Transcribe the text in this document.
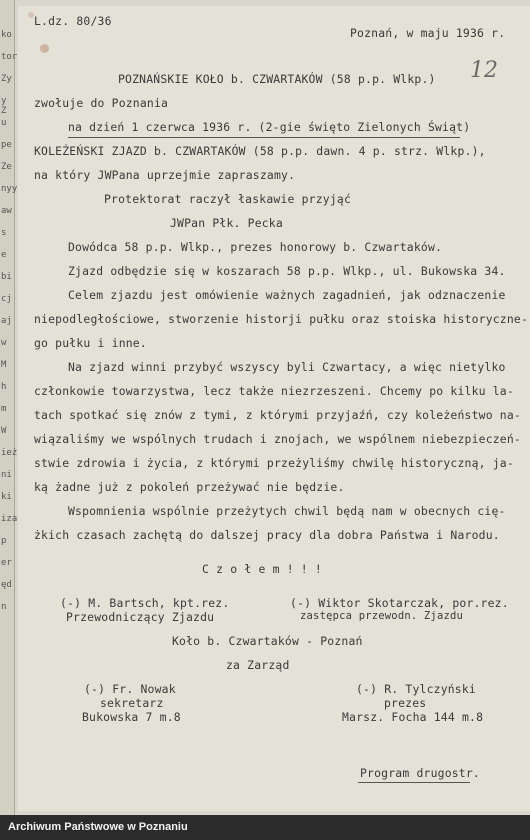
ko
tor
Zy
y Z
u
pe
Ze
nyy
aw
s
e
bi
cj
aj
w
M
h
m
W
ież
ni
ki
iza
p
er
ęd
n
L.dz. 80/36
Poznań, w maju 1936 r.
12
POZNAŃSKIE KOŁO b. CZWARTAKÓW (58 p.p. Wlkp.)
zwołuje do Poznania
na dzień 1 czerwca 1936 r. (2-gie święto Zielonych Świąt)
KOLEŻEŃSKI ZJAZD b. CZWARTAKÓW (58 p.p. dawn. 4 p. strz. Wlkp.),
na który JWPana uprzejmie zapraszamy.
Protektorat raczył łaskawie przyjąć
JWPan Płk. Pecka
Dowódca 58 p.p. Wlkp., prezes honorowy b. Czwartaków.
Zjazd odbędzie się w koszarach 58 p.p. Wlkp., ul. Bukowska 34.
Celem zjazdu jest omówienie ważnych zagadnień, jak odznaczenie
niepodległościowe, stworzenie historji pułku oraz stoiska historyczne-
go pułku i inne.
Na zjazd winni przybyć wszyscy byli Czwartacy, a więc nietylko
członkowie towarzystwa, lecz także niezrzeszeni. Chcemy po kilku la-
tach spotkać się znów z tymi, z którymi przyjaźń, czy koleżeństwo na-
wiązaliśmy we wspólnych trudach i znojach, we wspólnem niebezpieczeń-
stwie zdrowia i życia, z którymi przeżyliśmy chwilę historyczną, ja-
ką żadne już z pokoleń przeżywać nie będzie.
Wspomnienia wspólnie przeżytych chwil będą nam w obecnych cię-
żkich czasach zachętą do dalszej pracy dla dobra Państwa i Narodu.
C z o ł e m ! ! !
(-) M. Bartsch, kpt.rez.
Przewodniczący Zjazdu
(-) Wiktor Skotarczak, por.rez.
zastępca przewodn. Zjazdu
Koło b. Czwartaków - Poznań
za Zarząd
(-) Fr. Nowak
sekretarz
Bukowska 7 m.8
(-) R. Tylczyński
prezes
Marsz. Focha 144 m.8
Program drugostr.
Archiwum Państwowe w Poznaniu
